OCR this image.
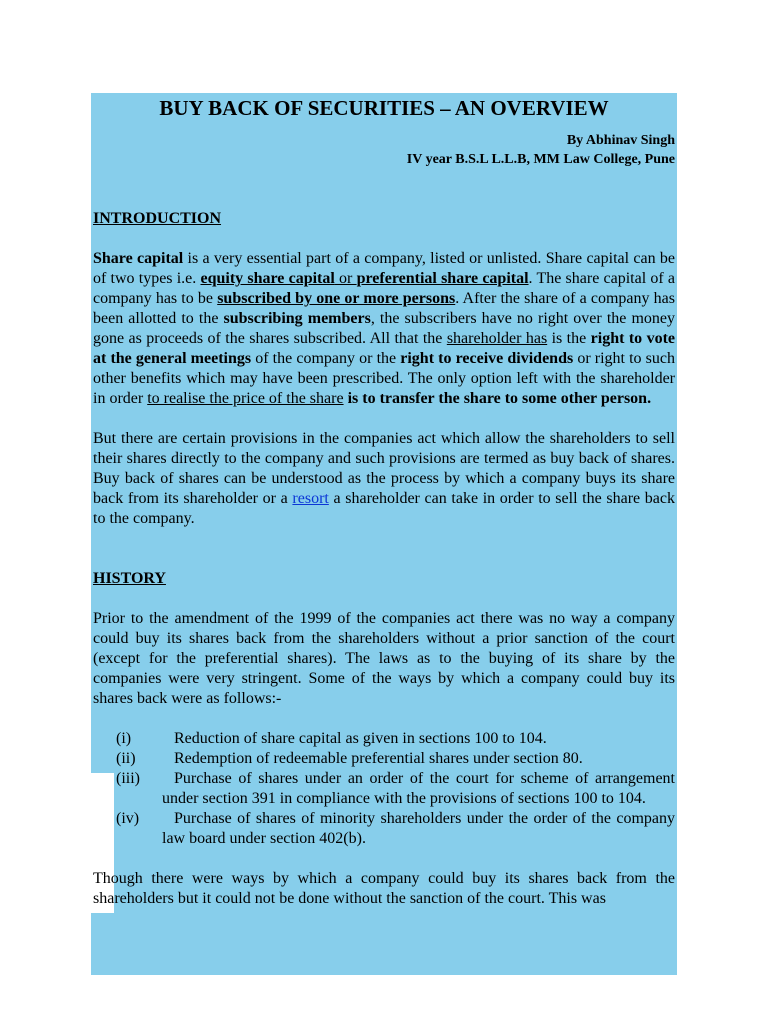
BUY BACK OF SECURITIES – AN OVERVIEW
By Abhinav Singh
IV year B.S.L L.L.B, MM Law College, Pune
INTRODUCTION

Share capital is a very essential part of a company, listed or unlisted. Share capital can be of two types i.e. equity share capital or preferential share capital. The share capital of a company has to be subscribed by one or more persons. After the share of a company has been allotted to the subscribing members, the subscribers have no right over the money gone as proceeds of the shares subscribed. All that the shareholder has is the right to vote at the general meetings of the company or the right to receive dividends or right to such other benefits which may have been prescribed. The only option left with the shareholder in order to realise the price of the share is to transfer the share to some other person.

But there are certain provisions in the companies act which allow the shareholders to sell their shares directly to the company and such provisions are termed as buy back of shares. Buy back of shares can be understood as the process by which a company buys its share back from its shareholder or a resort a shareholder can take in order to sell the share back to the company.

HISTORY

Prior to the amendment of the 1999 of the companies act there was no way a company could buy its shares back from the shareholders without a prior sanction of the court (except for the preferential shares). The laws as to the buying of its share by the companies were very stringent. Some of the ways by which a company could buy its shares back were as follows:-

(i)	Reduction of share capital as given in sections 100 to 104.
(ii)	Redemption of redeemable preferential shares under section 80.
(iii)	Purchase of shares under an order of the court for scheme of arrangement under section 391 in compliance with the provisions of sections 100 to 104.
(iv)	Purchase of shares of minority shareholders under the order of the company law board under section 402(b).

Though there were ways by which a company could buy its shares back from the shareholders but it could not be done without the sanction of the court. This was
